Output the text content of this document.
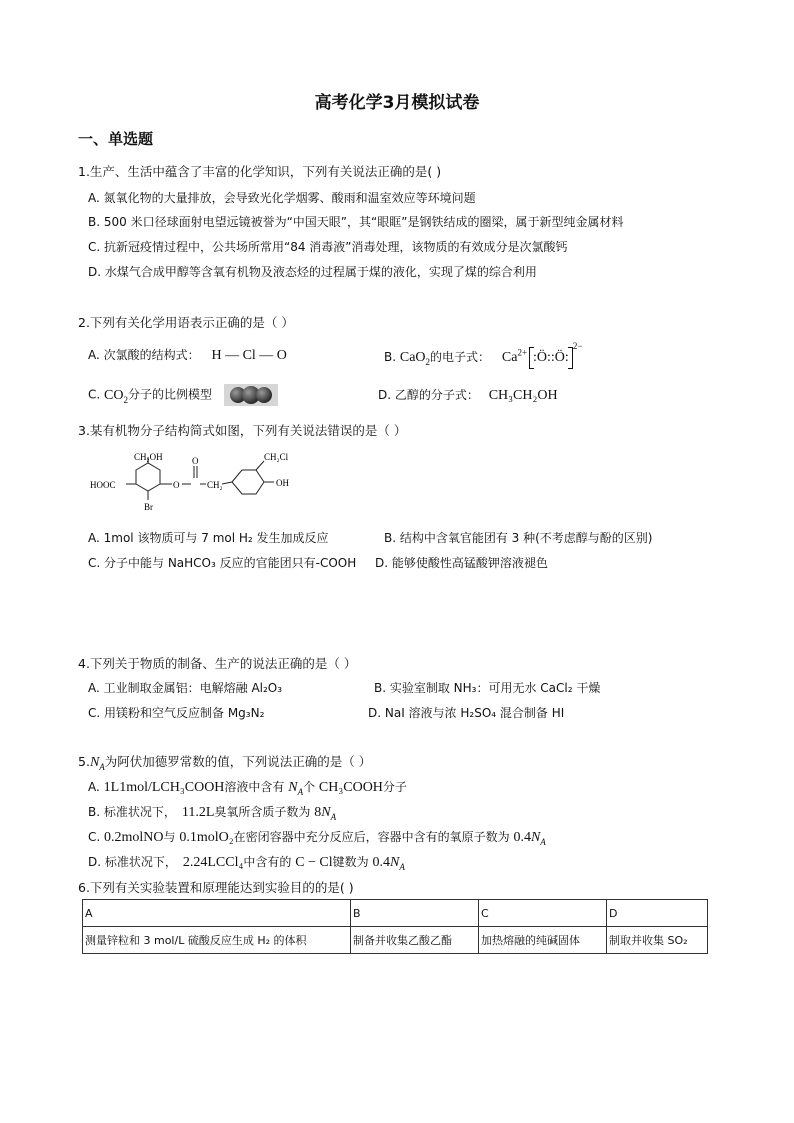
高考化学3月模拟试卷
一、单选题
1.生产、生活中蕴含了丰富的化学知识，下列有关说法正确的是( )
A. 氮氧化物的大量排放，会导致光化学烟雾、酸雨和温室效应等环境问题
B. 500 米口径球面射电望远镜被誉为“中国天眼”，其“眼眶”是钢铁结成的圈梁，属于新型纯金属材料
C. 抗新冠疫情过程中，公共场所常用“84 消毒液”消毒处理，该物质的有效成分是次氯酸钙
D. 水煤气合成甲醇等含氧有机物及液态烃的过程属于煤的液化，实现了煤的综合利用
2.下列有关化学用语表示正确的是（ ）
A. 次氯酸的结构式： H — Cl — O	B. CaO$_2$的电子式： $Ca^{2+}$ :Ö::Ö:$^{2-}$
C. $CO_2$分子的比例模型	D. 乙醇的分子式： CH₃CH₂OH
3.某有机物分子结构简式如图，下列有关说法错误的是（ ）
CH₂OH
HOOC
Br
O
O
CH₂
CH₂Cl
OH
A. 1mol 该物质可与 7 mol H₂ 发生加成反应	B. 结构中含氧官能团有 3 种(不考虑醇与酚的区别)
C. 分子中能与 NaHCO₃ 反应的官能团只有-COOH D. 能够使酸性高锰酸钾溶液褪色
4.下列关于物质的制备、生产的说法正确的是（ ）
A. 工业制取金属铝：电解熔融 Al₂O₃	B. 实验室制取 NH₃：可用无水 CaCl₂ 干燥
C. 用镁粉和空气反应制备 Mg₃N₂	D. NaI 溶液与浓 H₂SO₄ 混合制备 HI
$5.N_A$为阿伏加德罗常数的值，下列说法正确的是（ ）
A. 1L1mol/LCH₃COOH溶液中含有 $N_A$个 CH₃COOH分子
B. 标准状况下， 11.2L臭氧所含质子数为 $8N_A$
C. 0.2molNO与 0.1molO₂在密闭容器中充分反应后，容器中含有的氧原子数为 $0.4N_A$
D. 标准状况下， 2.24LCCl₄中含有的 C − Cl键数为 $0.4N_A$
6.下列有关实验装置和原理能达到实验目的的是( )
A	B	C	D
测量锌粒和 3 mol/L 硫酸反应生成 H₂ 的体积	制备并收集乙酸乙酯	加热熔融的纯碱固体	制取并收集 SO₂
